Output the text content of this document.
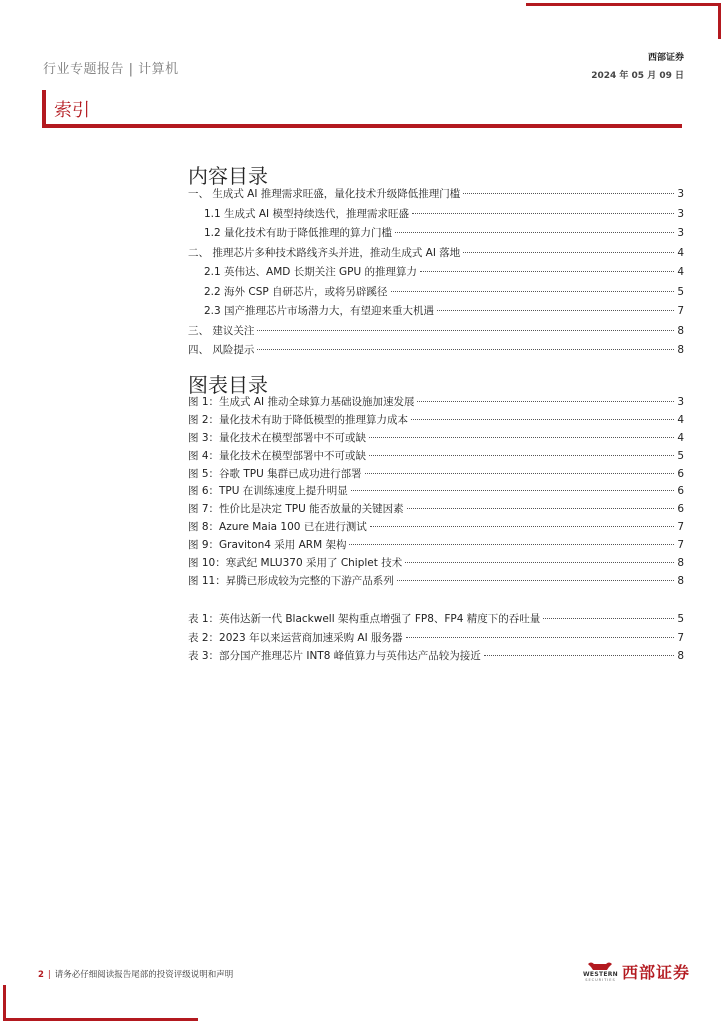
行业专题报告 | 计算机
西部证券
2024 年 05 月 09 日
索引
内容目录
一、 生成式 AI 推理需求旺盛，量化技术升级降低推理门槛	3
1.1 生成式 AI 模型持续迭代，推理需求旺盛	3
1.2 量化技术有助于降低推理的算力门槛	3
二、 推理芯片多种技术路线齐头并进，推动生成式 AI 落地	4
2.1 英伟达、AMD 长期关注 GPU 的推理算力	4
2.2 海外 CSP 自研芯片，或将另辟蹊径	5
2.3 国产推理芯片市场潜力大，有望迎来重大机遇	7
三、 建议关注	8
四、 风险提示	8
图表目录
图 1：生成式 AI 推动全球算力基础设施加速发展	3
图 2：量化技术有助于降低模型的推理算力成本	4
图 3：量化技术在模型部署中不可或缺	4
图 4：量化技术在模型部署中不可或缺	5
图 5：谷歌 TPU 集群已成功进行部署	6
图 6：TPU 在训练速度上提升明显	6
图 7：性价比是决定 TPU 能否放量的关键因素	6
图 8：Azure Maia 100 已在进行测试	7
图 9：Graviton4 采用 ARM 架构	7
图 10：寒武纪 MLU370 采用了 Chiplet 技术	8
图 11：昇腾已形成较为完整的下游产品系列	8
表 1：英伟达新一代 Blackwell 架构重点增强了 FP8、FP4 精度下的吞吐量	5
表 2：2023 年以来运营商加速采购 AI 服务器	7
表 3：部分国产推理芯片 INT8 峰值算力与英伟达产品较为接近	8
2 | 请务必仔细阅读报告尾部的投资评级说明和声明	WESTERN
SECURITIES 西部证券
